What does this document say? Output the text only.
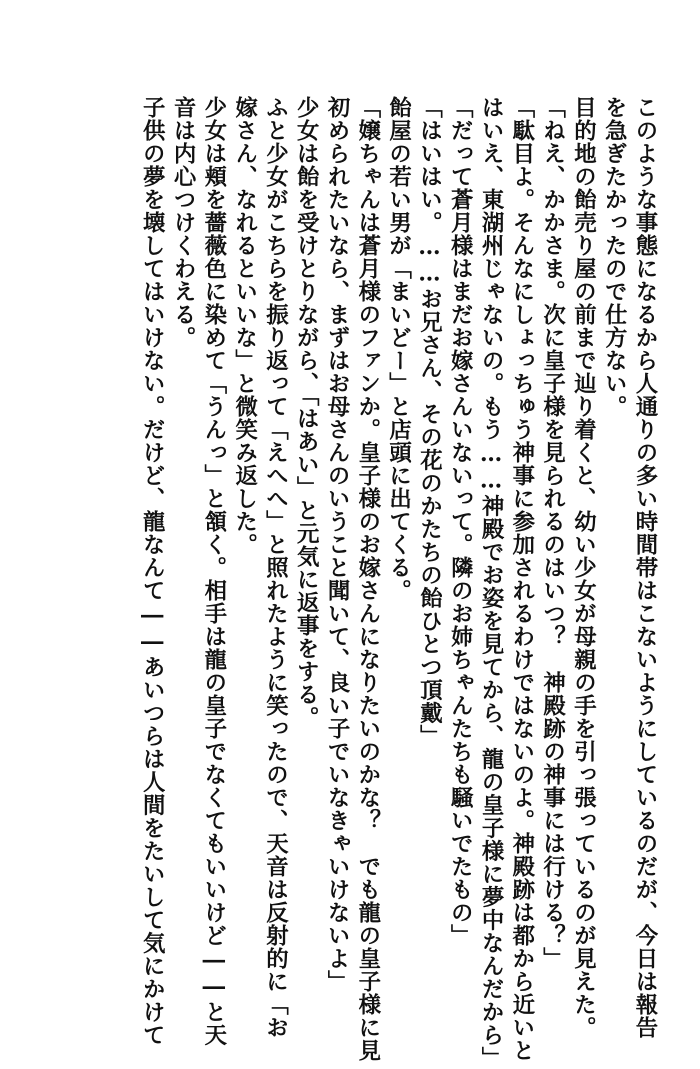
このような事態になるから人通りの多い時間帯はこないようにしているのだが、今日は報告
を急ぎたかったので仕方ない。
目的地の飴売り屋の前まで辿り着くと、幼い少女が母親の手を引っ張っているのが見えた。
「ねえ、かかさま。次に皇子様を見られるのはいつ？　神殿跡の神事には行ける？」
「駄目よ。そんなにしょっちゅう神事に参加されるわけではないのよ。神殿跡は都から近いと
はいえ、東湖州じゃないの。もう……神殿でお姿を見てから、龍の皇子様に夢中なんだから」
「だって蒼月様はまだお嫁さんいないって。隣のお姉ちゃんたちも騒いでたもの」
「はいはい。……お兄さん、その花のかたちの飴ひとつ頂戴」
飴屋の若い男が「まいどー」と店頭に出てくる。
「嬢ちゃんは蒼月様のファンか。皇子様のお嫁さんになりたいのかな？　でも龍の皇子様に見
初められたいなら、まずはお母さんのいうこと聞いて、良い子でいなきゃいけないよ」
少女は飴を受けとりながら、「はあい」と元気に返事をする。
ふと少女がこちらを振り返って「えへへ」と照れたように笑ったので、天音は反射的に「お
嫁さん、なれるといいな」と微笑み返した。
少女は頬を薔薇色に染めて「うんっ」と頷く。相手は龍の皇子でなくてもいいけど――と天
音は内心つけくわえる。
子供の夢を壊してはいけない。だけど、龍なんて――あいつらは人間をたいして気にかけて
